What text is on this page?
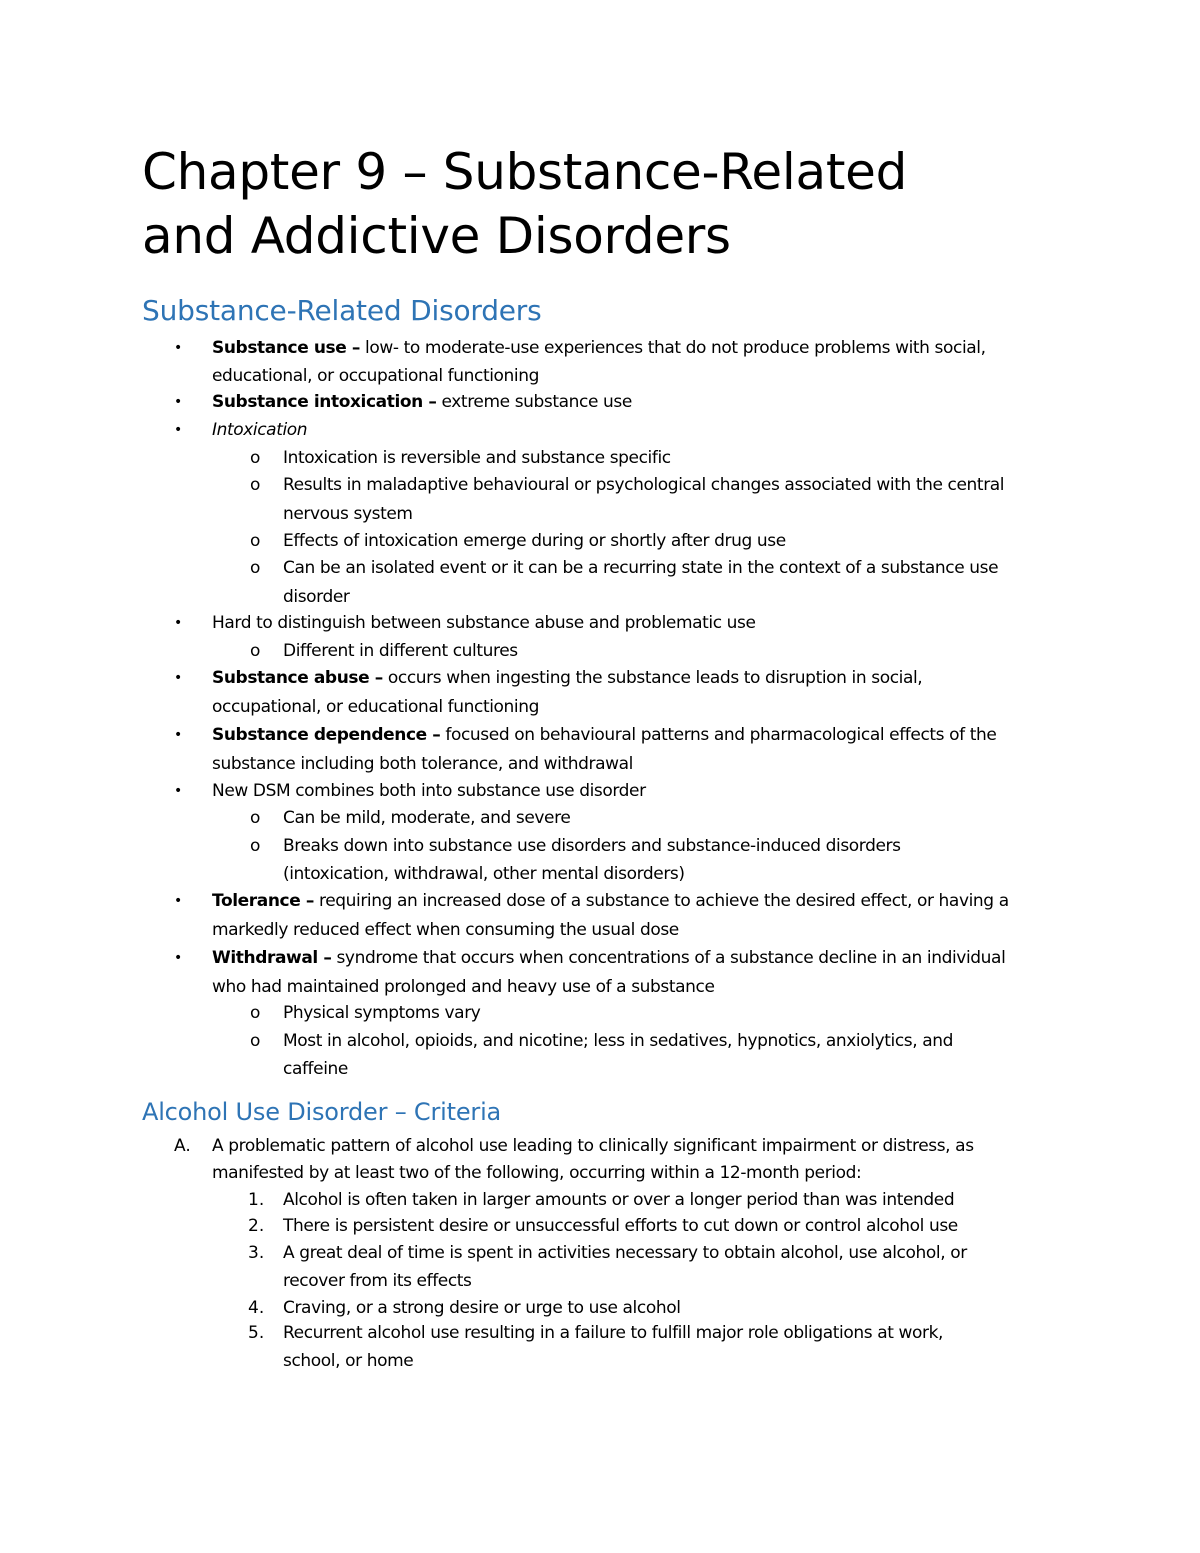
Chapter 9 – Substance-Related
and Addictive Disorders
Substance-Related Disorders
• Substance use – low- to moderate-use experiences that do not produce problems with social,
educational, or occupational functioning
• Substance intoxication – extreme substance use
• Intoxication
o Intoxication is reversible and substance specific
o Results in maladaptive behavioural or psychological changes associated with the central
nervous system
o Effects of intoxication emerge during or shortly after drug use
o Can be an isolated event or it can be a recurring state in the context of a substance use
disorder
• Hard to distinguish between substance abuse and problematic use
o Different in different cultures
• Substance abuse – occurs when ingesting the substance leads to disruption in social,
occupational, or educational functioning
• Substance dependence – focused on behavioural patterns and pharmacological effects of the
substance including both tolerance, and withdrawal
• New DSM combines both into substance use disorder
o Can be mild, moderate, and severe
o Breaks down into substance use disorders and substance-induced disorders
(intoxication, withdrawal, other mental disorders)
• Tolerance – requiring an increased dose of a substance to achieve the desired effect, or having a
markedly reduced effect when consuming the usual dose
• Withdrawal – syndrome that occurs when concentrations of a substance decline in an individual
who had maintained prolonged and heavy use of a substance
o Physical symptoms vary
o Most in alcohol, opioids, and nicotine; less in sedatives, hypnotics, anxiolytics, and
caffeine
Alcohol Use Disorder – Criteria
A. A problematic pattern of alcohol use leading to clinically significant impairment or distress, as
manifested by at least two of the following, occurring within a 12-month period:
1. Alcohol is often taken in larger amounts or over a longer period than was intended
2. There is persistent desire or unsuccessful efforts to cut down or control alcohol use
3. A great deal of time is spent in activities necessary to obtain alcohol, use alcohol, or
recover from its effects
4. Craving, or a strong desire or urge to use alcohol
5. Recurrent alcohol use resulting in a failure to fulfill major role obligations at work,
school, or home
